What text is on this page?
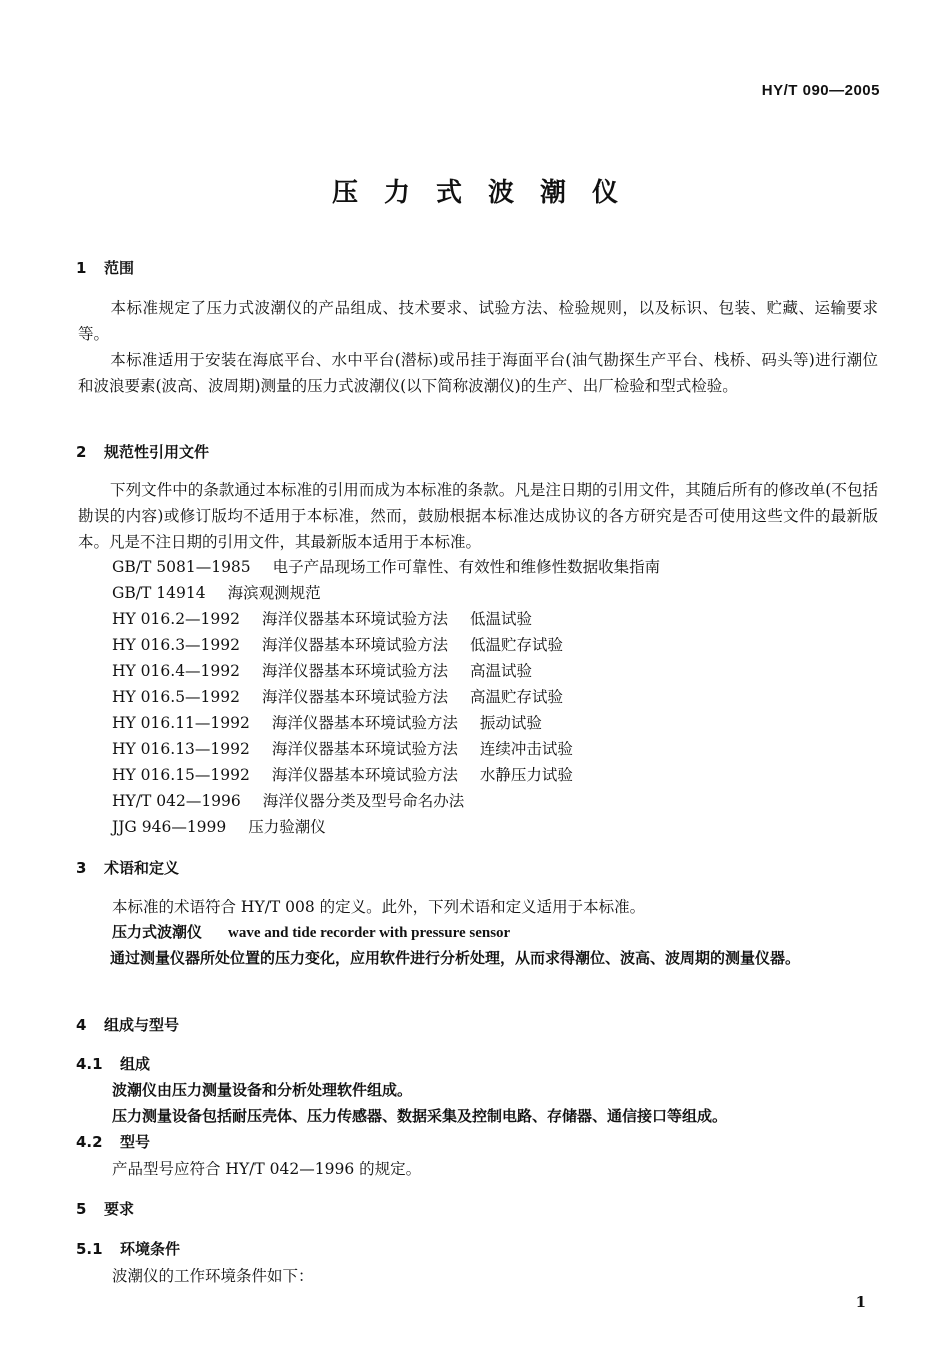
HY/T 090—2005
压力式波潮仪
1 范围
本标准规定了压力式波潮仪的产品组成、技术要求、试验方法、检验规则，以及标识、包装、贮藏、运输要求等。
本标准适用于安装在海底平台、水中平台(潜标)或吊挂于海面平台(油气勘探生产平台、栈桥、码头等)进行潮位和波浪要素(波高、波周期)测量的压力式波潮仪(以下简称波潮仪)的生产、出厂检验和型式检验。
2 规范性引用文件
下列文件中的条款通过本标准的引用而成为本标准的条款。凡是注日期的引用文件，其随后所有的修改单(不包括勘误的内容)或修订版均不适用于本标准，然而，鼓励根据本标准达成协议的各方研究是否可使用这些文件的最新版本。凡是不注日期的引用文件，其最新版本适用于本标准。
GB/T 5081—1985 电子产品现场工作可靠性、有效性和维修性数据收集指南
GB/T 14914 海滨观测规范
HY 016.2—1992 海洋仪器基本环境试验方法 低温试验
HY 016.3—1992 海洋仪器基本环境试验方法 低温贮存试验
HY 016.4—1992 海洋仪器基本环境试验方法 高温试验
HY 016.5—1992 海洋仪器基本环境试验方法 高温贮存试验
HY 016.11—1992 海洋仪器基本环境试验方法 振动试验
HY 016.13—1992 海洋仪器基本环境试验方法 连续冲击试验
HY 016.15—1992 海洋仪器基本环境试验方法 水静压力试验
HY/T 042—1996 海洋仪器分类及型号命名办法
JJG 946—1999 压力验潮仪
3 术语和定义
本标准的术语符合 HY/T 008 的定义。此外，下列术语和定义适用于本标准。
压力式波潮仪 wave and tide recorder with pressure sensor
通过测量仪器所处位置的压力变化，应用软件进行分析处理，从而求得潮位、波高、波周期的测量仪器。
4 组成与型号
4.1 组成
波潮仪由压力测量设备和分析处理软件组成。
压力测量设备包括耐压壳体、压力传感器、数据采集及控制电路、存储器、通信接口等组成。
4.2 型号
产品型号应符合 HY/T 042—1996 的规定。
5 要求
5.1 环境条件
波潮仪的工作环境条件如下：
1
